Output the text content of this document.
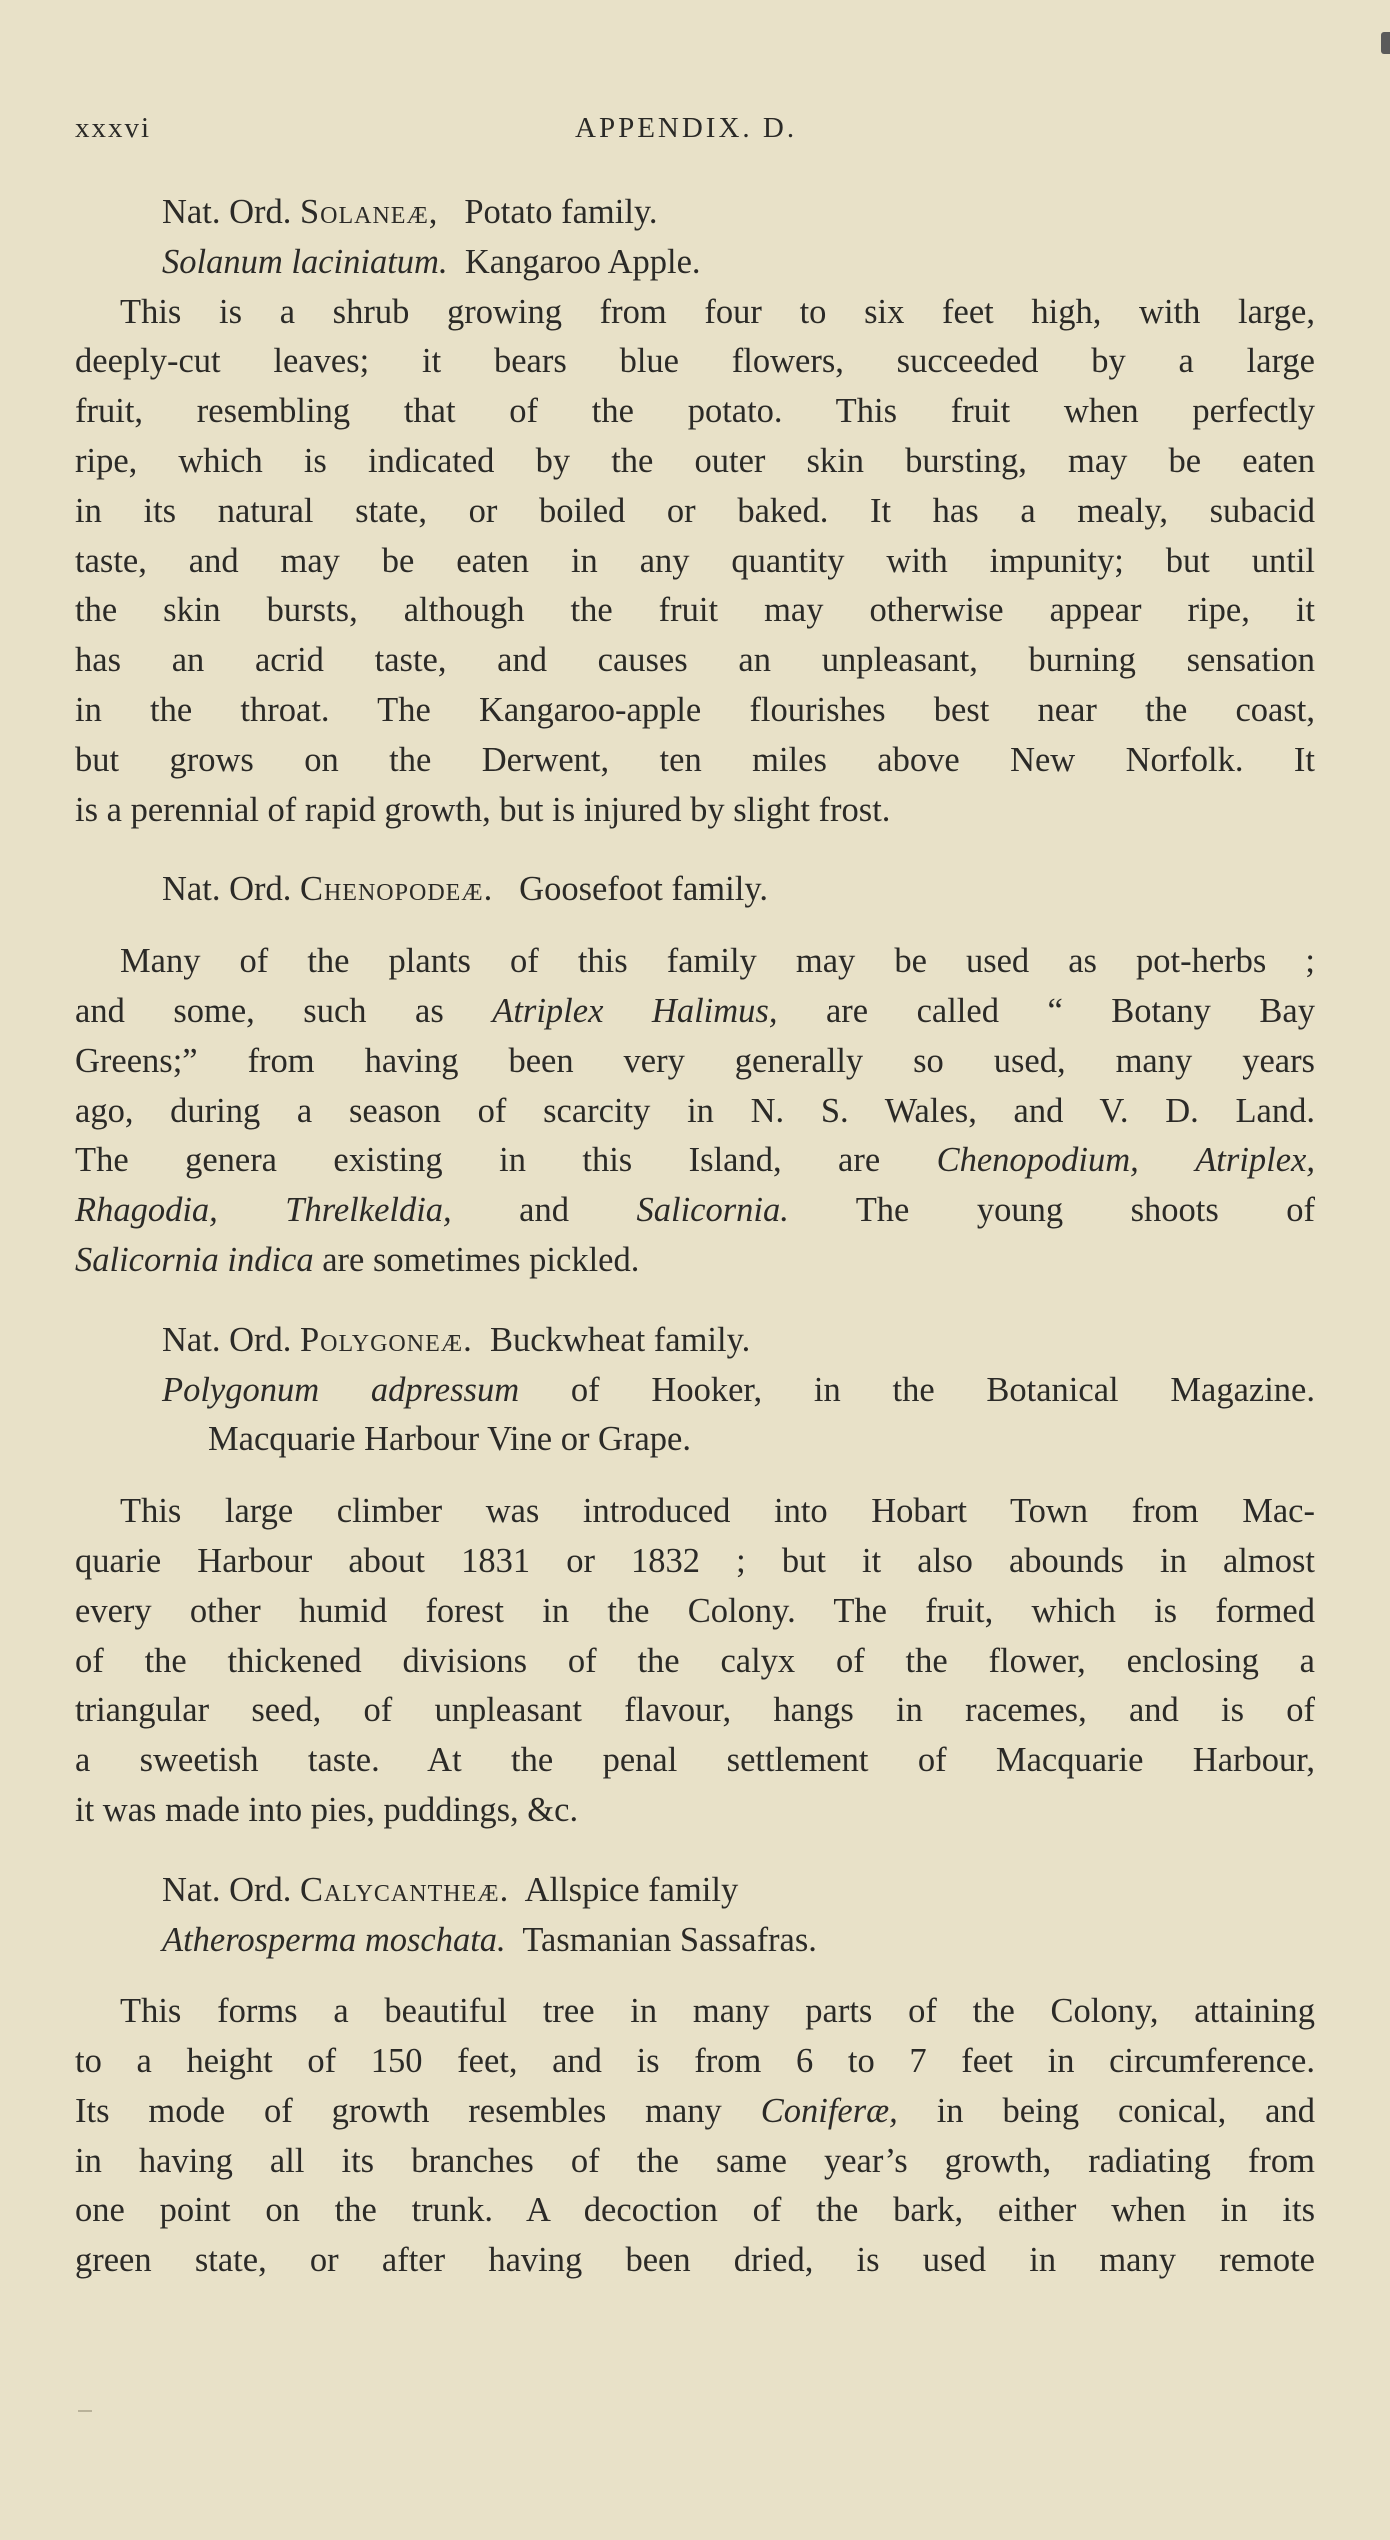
xxxvi	APPENDIX. D.
Nat. Ord. Solaneæ, Potato family.
Solanum laciniatum. Kangaroo Apple.
This is a shrub growing from four to six feet high, with large,
deeply-cut leaves; it bears blue flowers, succeeded by a large
fruit, resembling that of the potato. This fruit when perfectly
ripe, which is indicated by the outer skin bursting, may be eaten
in its natural state, or boiled or baked. It has a mealy, subacid
taste, and may be eaten in any quantity with impunity; but until
the skin bursts, although the fruit may otherwise appear ripe, it
has an acrid taste, and causes an unpleasant, burning sensation
in the throat. The Kangaroo-apple flourishes best near the coast,
but grows on the Derwent, ten miles above New Norfolk. It
is a perennial of rapid growth, but is injured by slight frost.
Nat. Ord. Chenopodeæ. Goosefoot family.
Many of the plants of this family may be used as pot-herbs ;
and some, such as Atriplex Halimus, are called “ Botany Bay
Greens;” from having been very generally so used, many years
ago, during a season of scarcity in N. S. Wales, and V. D. Land.
The genera existing in this Island, are Chenopodium, Atriplex,
Rhagodia, Threlkeldia, and Salicornia. The young shoots of
Salicornia indica are sometimes pickled.
Nat. Ord. Polygoneæ. Buckwheat family.
Polygonum adpressum of Hooker, in the Botanical Magazine.
Macquarie Harbour Vine or Grape.
This large climber was introduced into Hobart Town from Mac-
quarie Harbour about 1831 or 1832 ; but it also abounds in almost
every other humid forest in the Colony. The fruit, which is formed
of the thickened divisions of the calyx of the flower, enclosing a
triangular seed, of unpleasant flavour, hangs in racemes, and is of
a sweetish taste. At the penal settlement of Macquarie Harbour,
it was made into pies, puddings, &c.
Nat. Ord. Calycantheæ. Allspice family
Atherosperma moschata. Tasmanian Sassafras.
This forms a beautiful tree in many parts of the Colony, attaining
to a height of 150 feet, and is from 6 to 7 feet in circumference.
Its mode of growth resembles many Coniferæ, in being conical, and
in having all its branches of the same year’s growth, radiating from
one point on the trunk. A decoction of the bark, either when in its
green state, or after having been dried, is used in many remote
